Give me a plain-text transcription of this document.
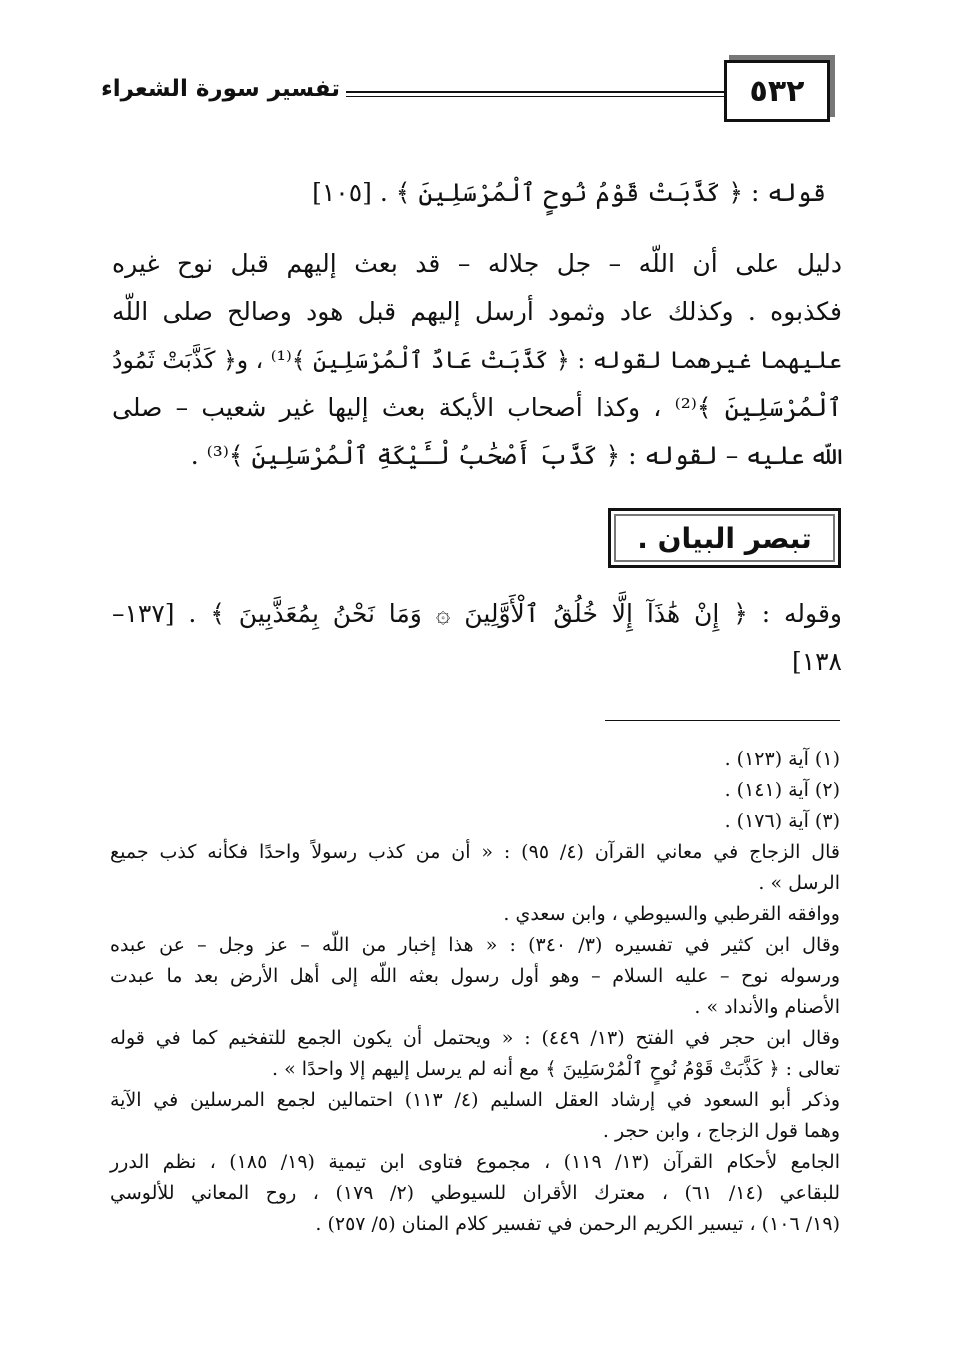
٥٣٢
تفسير سورة الشعراء
قوله : ﴿ كَذَّبَتْ قَوْمُ نُوحٍ ٱلْمُرْسَلِينَ ﴾ . [١٠٥]
دليل على أن اللّه – جل جلاله – قد بعث إليهم قبل نوح غيره
فكذبوه . وكذلك عاد وثمود أرسل إليهم قبل هود وصالح صلى اللّه
عليهما غيرهما لقوله : ﴿ كَذَّبَتْ عَادٌ ٱلْمُرْسَلِينَ ﴾⁽¹⁾ ، و﴿ كَذَّبَتْ ثَمُودُ
ٱلْمُرْسَلِينَ ﴾⁽²⁾ ، وكذا أصحاب الأيكة بعث إليها غير شعيب – صلى
اللّه عليه – لقوله : ﴿ كَذَّبَ أَصْحَٰبُ لْـَٔيْكَةِ ٱلْمُرْسَلِينَ ﴾⁽³⁾ .
تبصر البيان .
وقوله : ﴿ إِنْ هَٰذَآ إِلَّا خُلُقُ ٱلْأَوَّلِينَ ۞ وَمَا نَحْنُ بِمُعَذَّبِينَ ﴾ . [١٣٧–
١٣٨]
(١) آية (١٢٣) .
(٢) آية (١٤١) .
(٣) آية (١٧٦) .
قال الزجاج في معاني القرآن (٤/ ٩٥) : « أن من كذب رسولاً واحدًا فكأنه كذب جميع
الرسل » .
ووافقه القرطبي والسيوطي ، وابن سعدي .
وقال ابن كثير في تفسيره (٣/ ٣٤٠) : « هذا إخبار من اللّه – عز وجل – عن عبده
ورسوله نوح – عليه السلام – وهو أول رسول بعثه اللّه إلى أهل الأرض بعد ما عبدت
الأصنام والأنداد » .
وقال ابن حجر في الفتح (١٣/ ٤٤٩) : « ويحتمل أن يكون الجمع للتفخيم كما في قوله
تعالى : ﴿ كَذَّبَتْ قَوْمُ نُوحٍ ٱلْمُرْسَلِينَ ﴾ مع أنه لم يرسل إليهم إلا واحدًا » .
وذكر أبو السعود في إرشاد العقل السليم (٤/ ١١٣) احتمالين لجمع المرسلين في الآية
وهما قول الزجاج ، وابن حجر .
الجامع لأحكام القرآن (١٣/ ١١٩) ، مجموع فتاوى ابن تيمية (١٩/ ١٨٥) ، نظم الدرر
للبقاعي (١٤/ ٦١) ، معترك الأقران للسيوطي (٢/ ١٧٩) ، روح المعاني للألوسي
(١٩/ ١٠٦) ، تيسير الكريم الرحمن في تفسير كلام المنان (٥/ ٢٥٧) .
